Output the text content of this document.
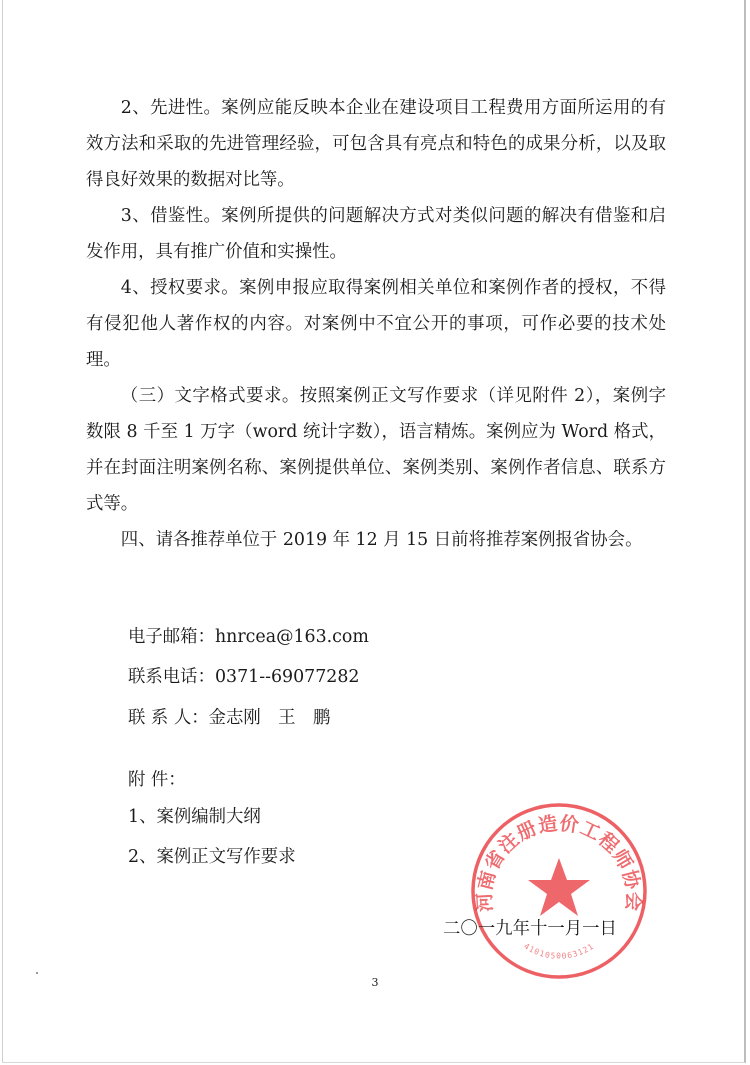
2、先进性。案例应能反映本企业在建设项目工程费用方面所运用的有效方法和采取的先进管理经验，可包含具有亮点和特色的成果分析，以及取得良好效果的数据对比等。

3、借鉴性。案例所提供的问题解决方式对类似问题的解决有借鉴和启发作用，具有推广价值和实操性。

4、授权要求。案例申报应取得案例相关单位和案例作者的授权，不得有侵犯他人著作权的内容。对案例中不宜公开的事项，可作必要的技术处理。

（三）文字格式要求。按照案例正文写作要求（详见附件 2），案例字数限 8 千至 1 万字（word 统计字数），语言精炼。案例应为 Word 格式，并在封面注明案例名称、案例提供单位、案例类别、案例作者信息、联系方式等。

四、请各推荐单位于 2019 年 12 月 15 日前将推荐案例报省协会。

电子邮箱：hnrcea@163.com

联系电话：0371--69077282

联 系 人：金志刚　王　鹏

附 件：

1、案例编制大纲

2、案例正文写作要求

河南省注册造价工程师协会
4101050063121
二〇一九年十一月一日
3
